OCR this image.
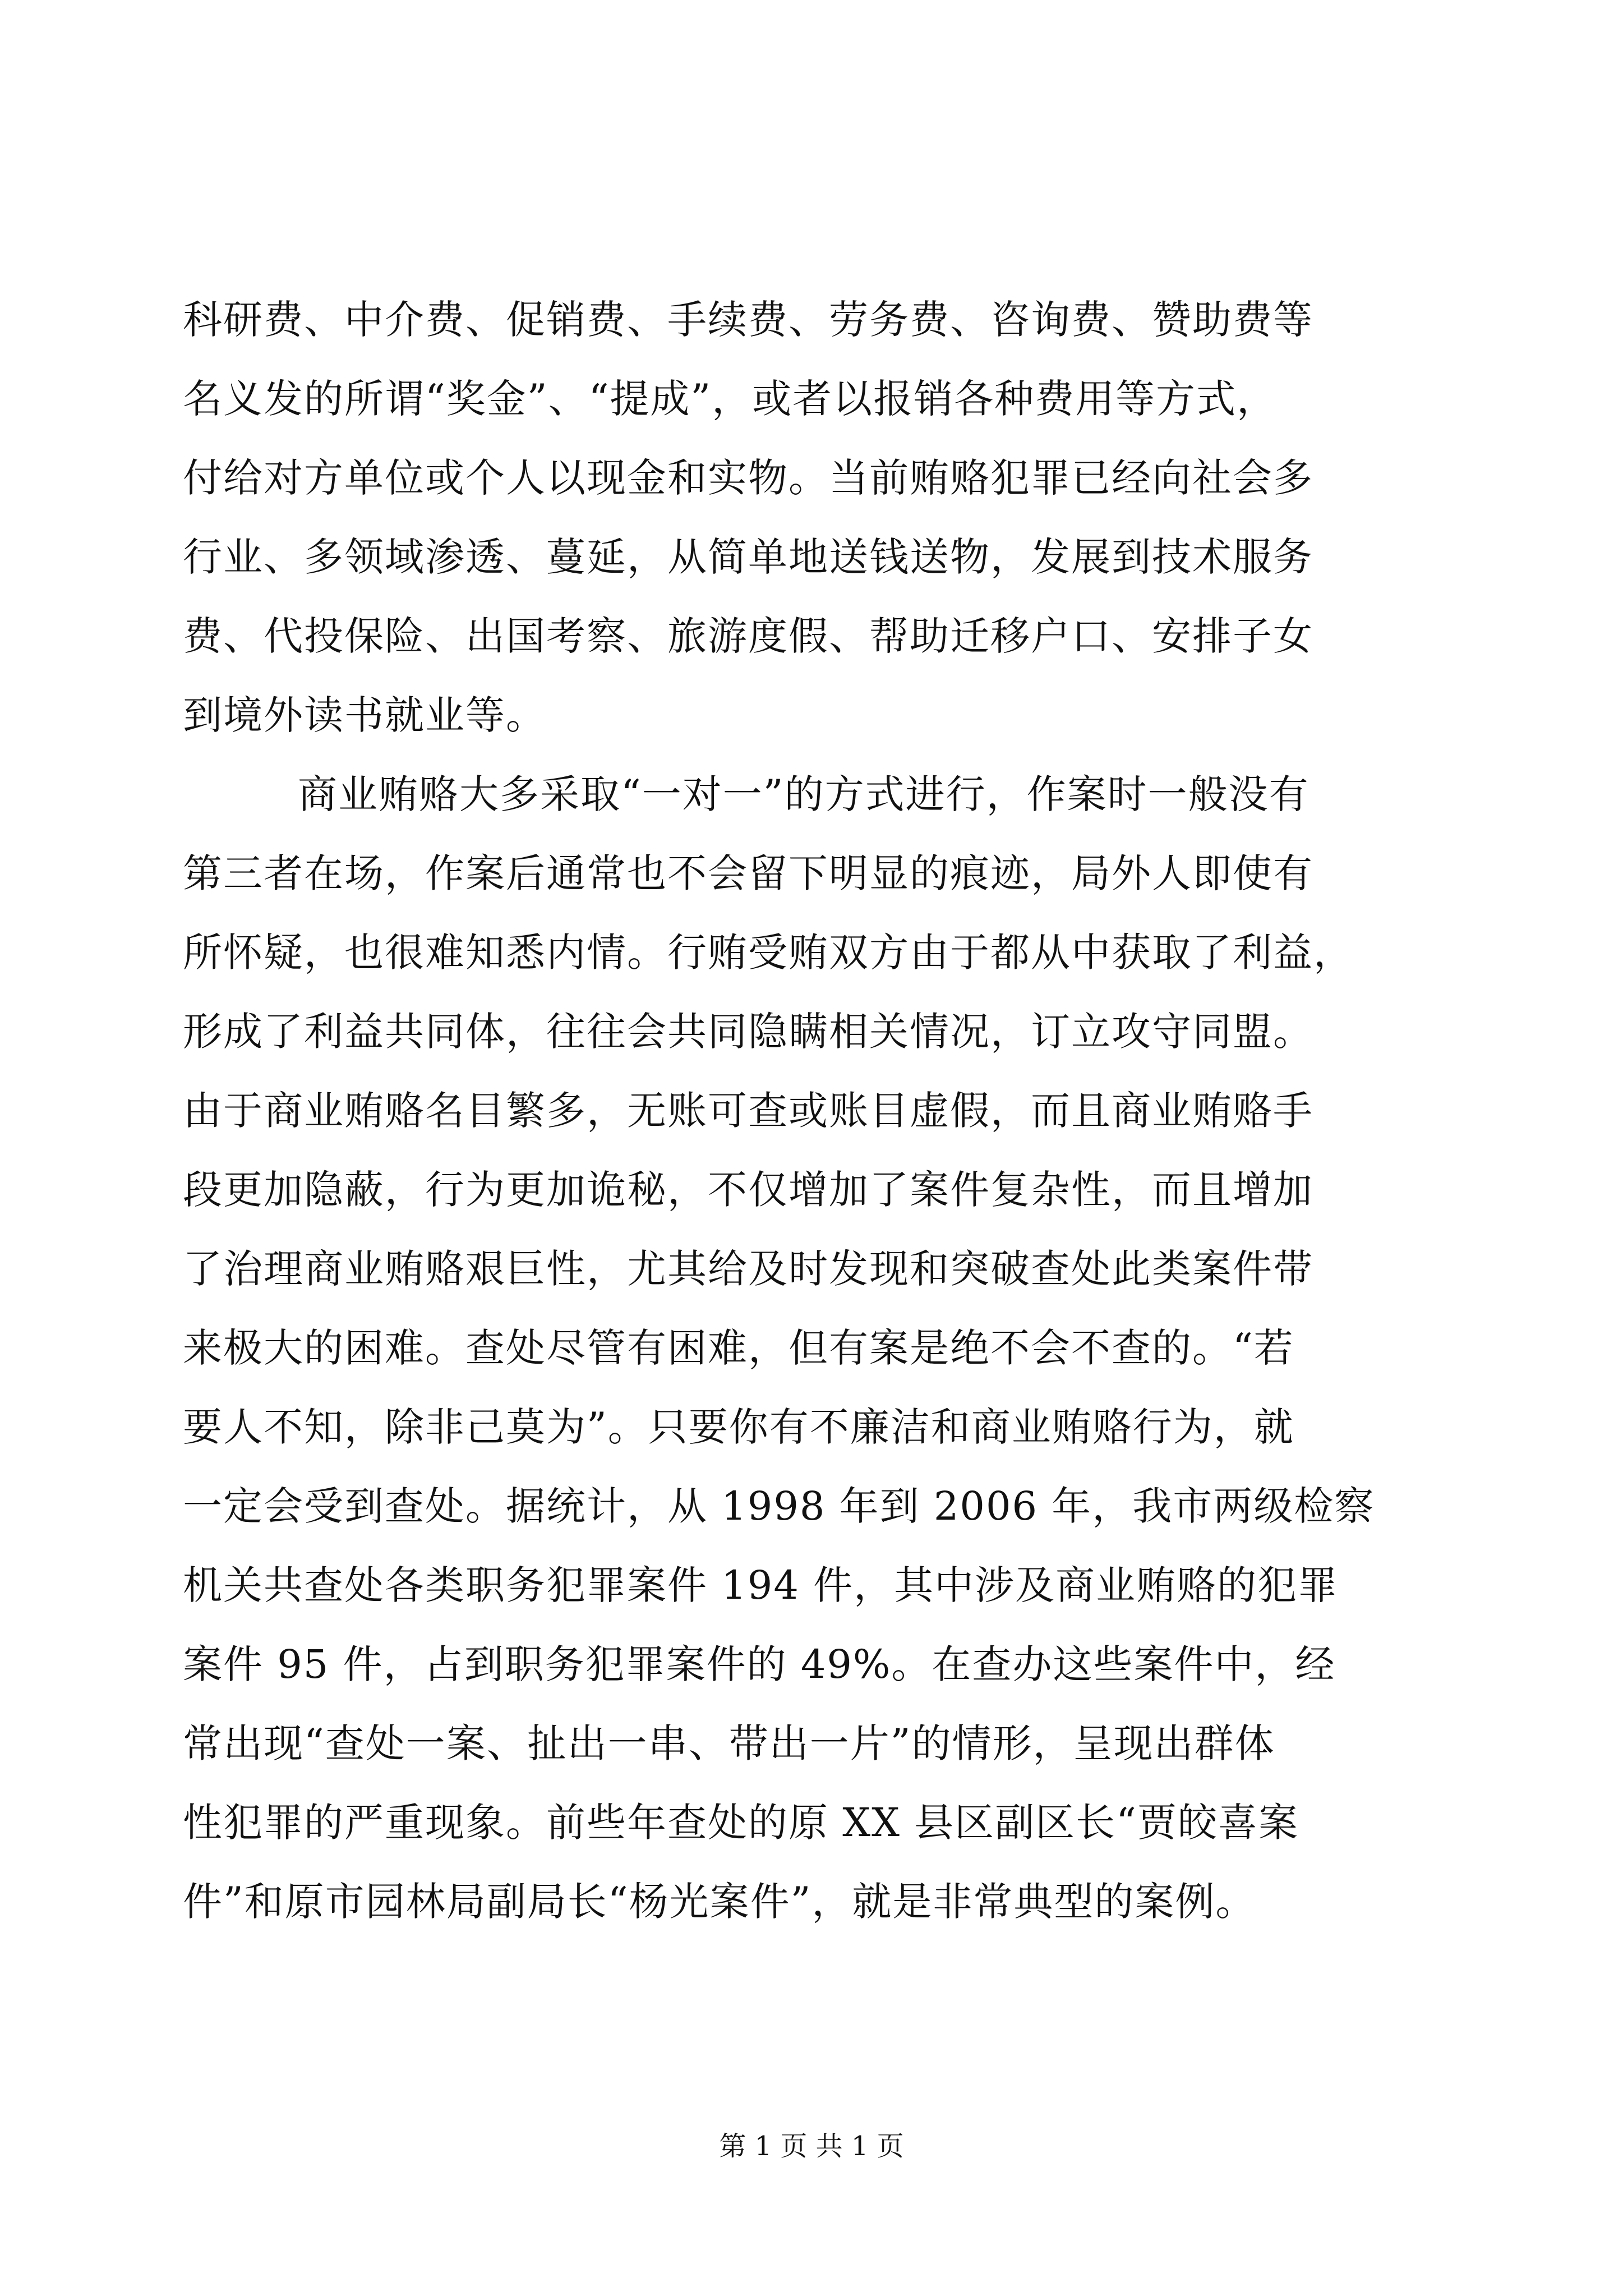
科研费、中介费、促销费、手续费、劳务费、咨询费、赞助费等
名义发的所谓“奖金”、“提成”，或者以报销各种费用等方式，
付给对方单位或个人以现金和实物。当前贿赂犯罪已经向社会多
行业、多领域渗透、蔓延，从简单地送钱送物，发展到技术服务
费、代投保险、出国考察、旅游度假、帮助迁移户口、安排子女
到境外读书就业等。
商业贿赂大多采取“一对一”的方式进行，作案时一般没有
第三者在场，作案后通常也不会留下明显的痕迹，局外人即使有
所怀疑，也很难知悉内情。行贿受贿双方由于都从中获取了利益，
形成了利益共同体，往往会共同隐瞒相关情况，订立攻守同盟。
由于商业贿赂名目繁多，无账可查或账目虚假，而且商业贿赂手
段更加隐蔽，行为更加诡秘，不仅增加了案件复杂性，而且增加
了治理商业贿赂艰巨性，尤其给及时发现和突破查处此类案件带
来极大的困难。查处尽管有困难，但有案是绝不会不查的。“若
要人不知，除非己莫为”。只要你有不廉洁和商业贿赂行为，就
一定会受到查处。据统计，从 1998 年到 2006 年，我市两级检察
机关共查处各类职务犯罪案件 194 件，其中涉及商业贿赂的犯罪
案件 95 件，占到职务犯罪案件的 49%。在查办这些案件中，经
常出现“查处一案、扯出一串、带出一片”的情形，呈现出群体
性犯罪的严重现象。前些年查处的原 XX 县区副区长“贾皎喜案
件”和原市园林局副局长“杨光案件”，就是非常典型的案例。
第 1 页 共 1 页
